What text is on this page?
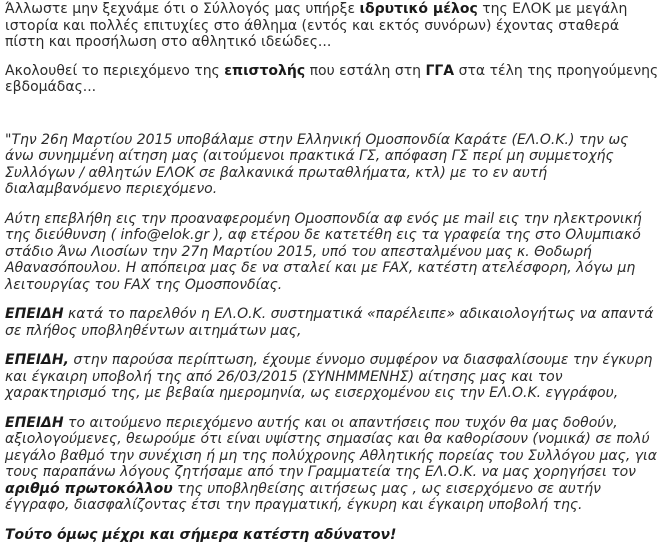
Άλλωστε μην ξεχνάμε ότι ο Σύλλογός μας υπήρξε ιδρυτικό μέλος της ΕΛΟΚ με μεγάλη ιστορία και πολλές επιτυχίες στο άθλημα (εντός και εκτός συνόρων) έχοντας σταθερά πίστη και προσήλωση στο αθλητικό ιδεώδες...

Ακολουθεί το περιεχόμενο της επιστολής που εστάλη στη ΓΓΑ στα τέλη της προηγούμενης εβδομάδας...

"Την 26η Μαρτίου 2015 υποβάλαμε στην Ελληνική Ομοσπονδία Καράτε (ΕΛ.Ο.Κ.) την ως άνω συνημμένη αίτηση μας (αιτούμενοι πρακτικά ΓΣ, απόφαση ΓΣ περί μη συμμετοχής Συλλόγων / αθλητών ΕΛΟΚ σε βαλκανικά πρωταθλήματα, κτλ) με το εν αυτή διαλαμβανόμενο περιεχόμενο.

Αύτη επεβλήθη εις την προαναφερομένη Ομοσπονδία αφ ενός με mail εις την ηλεκτρονική της διεύθυνση ( info@elok.gr ), αφ ετέρου δε κατετέθη εις τα γραφεία της στο Ολυμπιακό στάδιο Άνω Λιοσίων την 27η Μαρτίου 2015, υπό του απεσταλμένου μας κ. Θοδωρή Αθανασόπουλου. Η απόπειρα μας δε να σταλεί και με FAX, κατέστη ατελέσφορη, λόγω μη λειτουργίας του FAX της Ομοσπονδίας.

ΕΠΕΙΔΗ κατά το παρελθόν η ΕΛ.Ο.Κ. συστηματικά «παρέλειπε» αδικαιολογήτως να απαντά σε πλήθος υποβληθέντων αιτημάτων μας,

ΕΠΕΙΔΗ, στην παρούσα περίπτωση, έχουμε έννομο συμφέρον να διασφαλίσουμε την έγκυρη και έγκαιρη υποβολή της από 26/03/2015 (ΣΥΝΗΜΜΕΝΗΣ) αίτησης μας και τον χαρακτηρισμό της, με βεβαία ημερομηνία, ως εισερχομένου εις την ΕΛ.Ο.Κ. εγγράφου,

ΕΠΕΙΔΗ το αιτούμενο περιεχόμενο αυτής και οι απαντήσεις που τυχόν θα μας δοθούν, αξιολογούμενες, θεωρούμε ότι είναι υψίστης σημασίας και θα καθορίσουν (νομικά) σε πολύ μεγάλο βαθμό την συνέχιση ή μη της πολύχρονης Αθλητικής πορείας του Συλλόγου μας, για τους παραπάνω λόγους ζητήσαμε από την Γραμματεία της ΕΛ.Ο.Κ. να μας χορηγήσει τον αριθμό πρωτοκόλλου της υποβληθείσης αιτήσεως μας , ως εισερχόμενο σε αυτήν έγγραφο, διασφαλίζοντας έτσι την πραγματική, έγκυρη και έγκαιρη υποβολή της.

Τούτο όμως μέχρι και σήμερα κατέστη αδύνατον!
